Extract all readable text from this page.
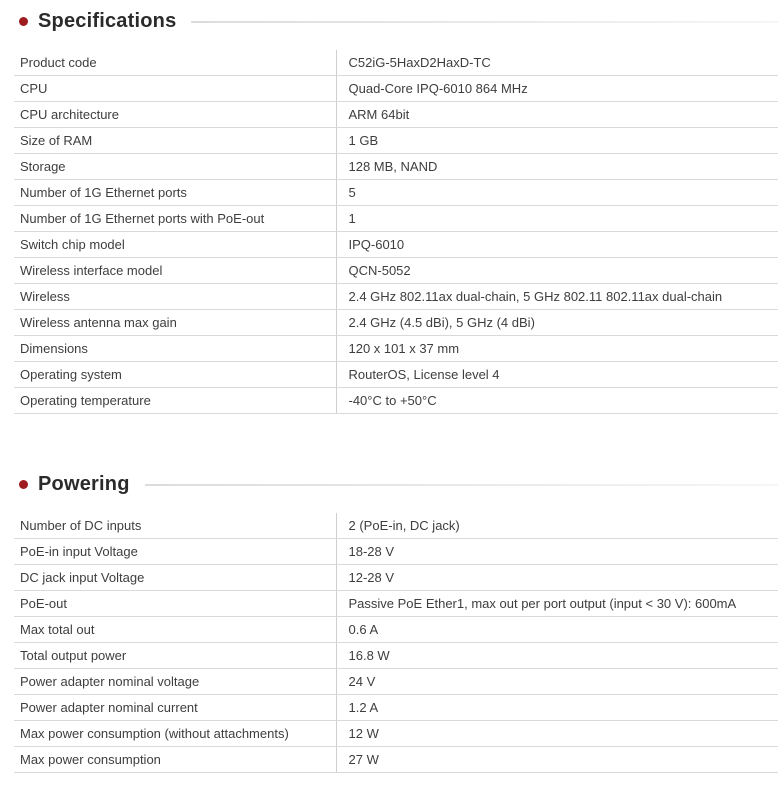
Specifications
Product code	C52iG-5HaxD2HaxD-TC
CPU	Quad-Core IPQ-6010 864 MHz
CPU architecture	ARM 64bit
Size of RAM	1 GB
Storage	128 MB, NAND
Number of 1G Ethernet ports	5
Number of 1G Ethernet ports with PoE-out	1
Switch chip model	IPQ-6010
Wireless interface model	QCN-5052
Wireless	2.4 GHz 802.11ax dual-chain, 5 GHz 802.11 802.11ax dual-chain
Wireless antenna max gain	2.4 GHz (4.5 dBi), 5 GHz (4 dBi)
Dimensions	120 x 101 x 37 mm
Operating system	RouterOS, License level 4
Operating temperature	-40°C to +50°C
Powering
Number of DC inputs	2 (PoE-in, DC jack)
PoE-in input Voltage	18-28 V
DC jack input Voltage	12-28 V
PoE-out	Passive PoE Ether1, max out per port output (input < 30 V): 600mA
Max total out	0.6 A
Total output power	16.8 W
Power adapter nominal voltage	24 V
Power adapter nominal current	1.2 A
Max power consumption (without attachments)	12 W
Max power consumption	27 W
